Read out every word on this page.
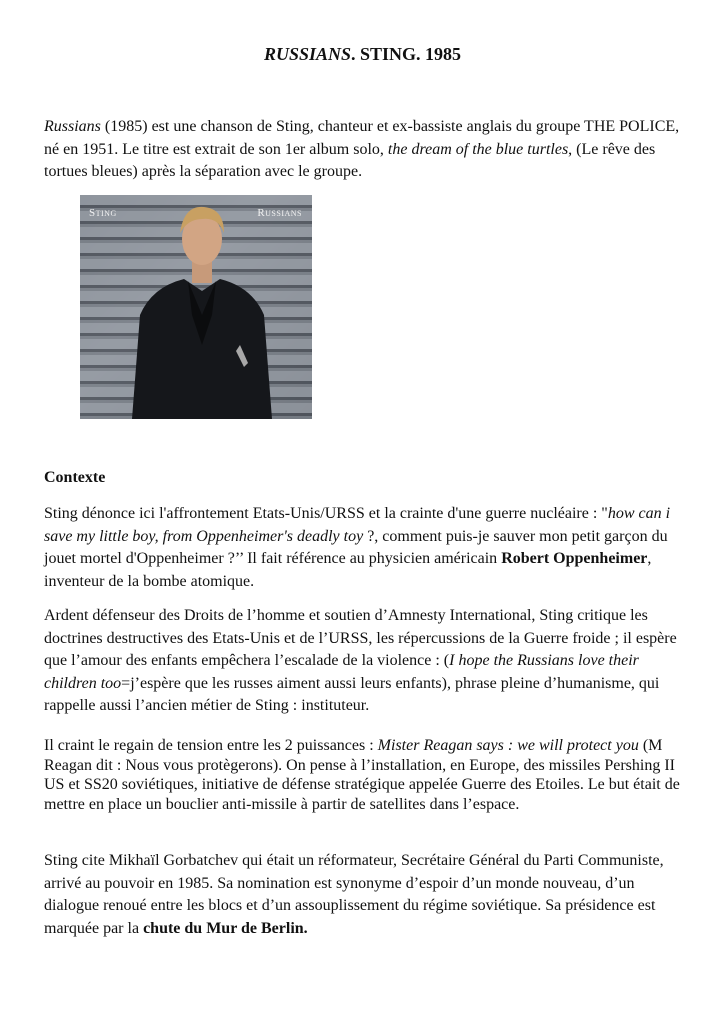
RUSSIANS. STING. 1985

Russians (1985) est une chanson de Sting, chanteur et ex-bassiste anglais du groupe THE POLICE, né en 1951. Le titre est extrait de son 1er album solo, the dream of the blue turtles, (Le rêve des tortues bleues) après la séparation avec le groupe.

Sting	Russians
Contexte

Sting dénonce ici l'affrontement Etats-Unis/URSS et la crainte d'une guerre nucléaire : "how can i save my little boy, from Oppenheimer's deadly toy ?, comment puis-je sauver mon petit garçon du jouet mortel d'Oppenheimer ?’’ Il fait référence au physicien américain Robert Oppenheimer, inventeur de la bombe atomique.

Ardent défenseur des Droits de l’homme et soutien d’Amnesty International, Sting critique les doctrines destructives des Etats-Unis et de l’URSS, les répercussions de la Guerre froide ; il espère que l’amour des enfants empêchera l’escalade de la violence : (I hope the Russians love their children too=j’espère que les russes aiment aussi leurs enfants), phrase pleine d’humanisme, qui rappelle aussi l’ancien métier de Sting : instituteur.

Il craint le regain de tension entre les 2 puissances : Mister Reagan says : we will protect you (M Reagan dit : Nous vous protègerons). On pense à l’installation, en Europe, des missiles Pershing II US et SS20 soviétiques, initiative de défense stratégique appelée Guerre des Etoiles. Le but était de mettre en place un bouclier anti-missile à partir de satellites dans l’espace.

Sting cite Mikhaïl Gorbatchev qui était un réformateur, Secrétaire Général du Parti Communiste, arrivé au pouvoir en 1985. Sa nomination est synonyme d’espoir d’un monde nouveau, d’un dialogue renoué entre les blocs et d’un assouplissement du régime soviétique. Sa présidence est marquée par la chute du Mur de Berlin.
